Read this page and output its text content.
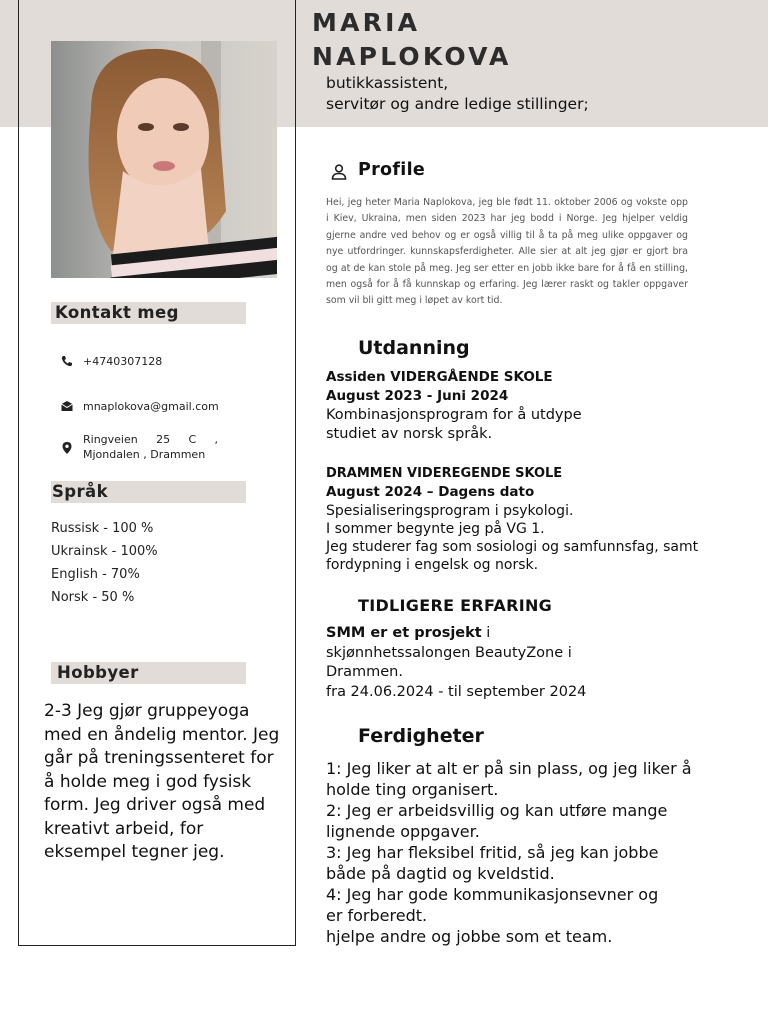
MARIA
NAPLOKOVA
butikkassistent,
servitør og andre ledige stillinger;
Kontakt meg
+4740307128
mnaplokova@gmail.com
Ringveien 25 C ,
Mjondalen , Drammen
Språk
Russisk - 100 %
Ukrainsk - 100%
English - 70%
Norsk - 50 %
Hobbyer
2-3 Jeg gjør gruppeyoga med en åndelig mentor. Jeg går på treningssenteret for å holde meg i god fysisk form. Jeg driver også med kreativt arbeid, for eksempel tegner jeg.
Profile
Hei, jeg heter Maria Naplokova, jeg ble født 11. oktober 2006 og vokste opp i Kiev, Ukraina, men siden 2023 har jeg bodd i Norge. Jeg hjelper veldig gjerne andre ved behov og er også villig til å ta på meg ulike oppgaver og nye utfordringer. kunnskapsferdigheter. Alle sier at alt jeg gjør er gjort bra og at de kan stole på meg. Jeg ser etter en jobb ikke bare for å få en stilling, men også for å få kunnskap og erfaring. Jeg lærer raskt og takler oppgaver som vil bli gitt meg i løpet av kort tid.
Utdanning
Assiden VIDERGÅENDE SKOLE
August 2023 - Juni 2024
Kombinasjonsprogram for å utdype
studiet av norsk språk.
DRAMMEN VIDEREGENDE SKOLE
August 2024 – Dagens dato
Spesialiseringsprogram i psykologi.
I sommer begynte jeg på VG 1.
Jeg studerer fag som sosiologi og samfunnsfag, samt
fordypning i engelsk og norsk.
TIDLIGERE ERFARING
SMM er et prosjekt i
skjønnhetssalongen BeautyZone i
Drammen.
fra 24.06.2024 - til september 2024
Ferdigheter
1: Jeg liker at alt er på sin plass, og jeg liker å
holde ting organisert.
2: Jeg er arbeidsvillig og kan utføre mange
lignende oppgaver.
3: Jeg har fleksibel fritid, så jeg kan jobbe
både på dagtid og kveldstid.
4: Jeg har gode kommunikasjonsevner og
er forberedt.
hjelpe andre og jobbe som et team.
